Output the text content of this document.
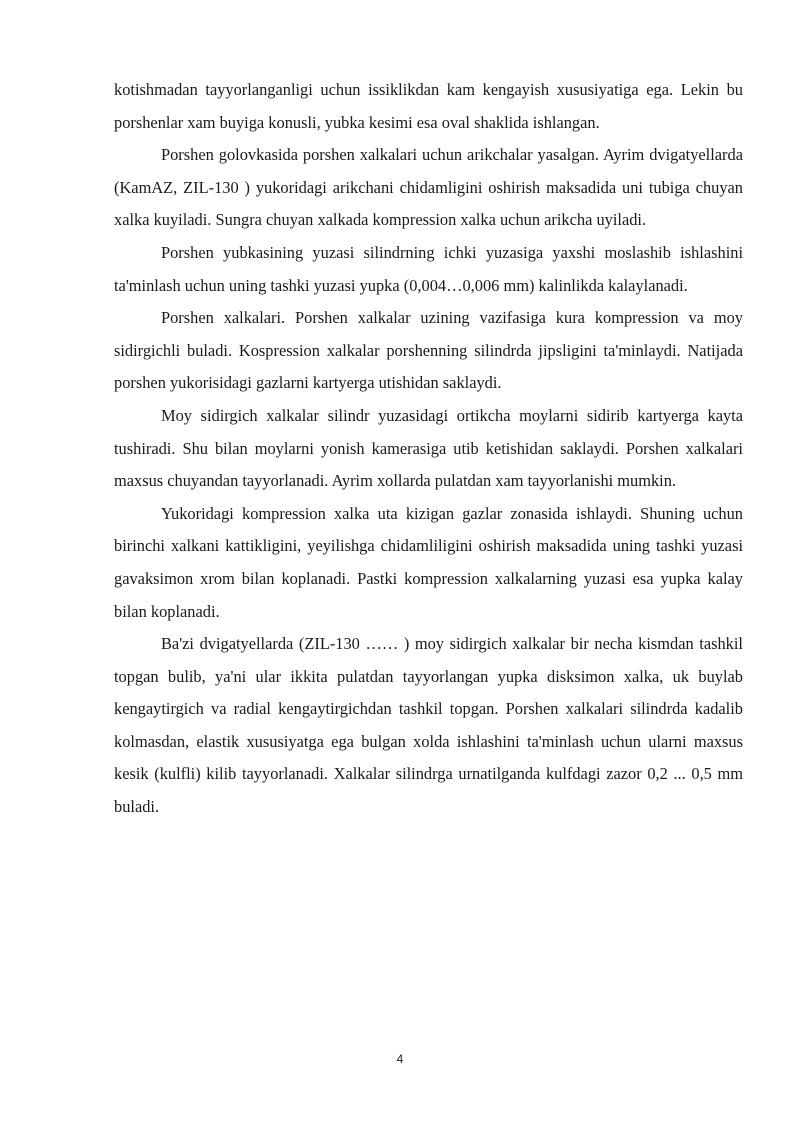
kotishmadan tayyorlanganligi uchun issiklikdan kam kengayish xususiyatiga ega. Lekin bu porshenlar xam buyiga konusli, yubka kesimi esa oval shaklida ishlangan.

Porshen golovkasida porshen xalkalari uchun arikchalar yasalgan. Ayrim dvigatyellarda (KamAZ, ZIL-130 ) yukoridagi arikchani chidamligini oshirish maksadida uni tubiga chuyan xalka kuyiladi. Sungra chuyan xalkada kompression xalka uchun arikcha uyiladi.

Porshen yubkasining yuzasi silindrning ichki yuzasiga yaxshi moslashib ishlashini ta'minlash uchun uning tashki yuzasi yupka (0,004…0,006 mm) kalinlikda kalaylanadi.

Porshen xalkalari. Porshen xalkalar uzining vazifasiga kura kompression va moy sidirgichli buladi. Kospression xalkalar porshenning silindrda jipsligini ta'minlaydi. Natijada porshen yukorisidagi gazlarni kartyerga utishidan saklaydi.

Moy sidirgich xalkalar silindr yuzasidagi ortikcha moylarni sidirib kartyerga kayta tushiradi. Shu bilan moylarni yonish kamerasiga utib ketishidan saklaydi. Porshen xalkalari maxsus chuyandan tayyorlanadi. Ayrim xollarda pulatdan xam tayyorlanishi mumkin.

Yukoridagi kompression xalka uta kizigan gazlar zonasida ishlaydi. Shuning uchun birinchi xalkani kattikligini, yeyilishga chidamliligini oshirish maksadida uning tashki yuzasi gavaksimon xrom bilan koplanadi. Pastki kompression xalkalarning yuzasi esa yupka kalay bilan koplanadi.

Ba'zi dvigatyellarda (ZIL-130 …… ) moy sidirgich xalkalar bir necha kismdan tashkil topgan bulib, ya'ni ular ikkita pulatdan tayyorlangan yupka disksimon xalka, uk buylab kengaytirgich va radial kengaytirgichdan tashkil topgan. Porshen xalkalari silindrda kadalib kolmasdan, elastik xususiyatga ega bulgan xolda ishlashini ta'minlash uchun ularni maxsus kesik (kulfli) kilib tayyorlanadi. Xalkalar silindrga urnatilganda kulfdagi zazor 0,2 ... 0,5 mm buladi.

4
